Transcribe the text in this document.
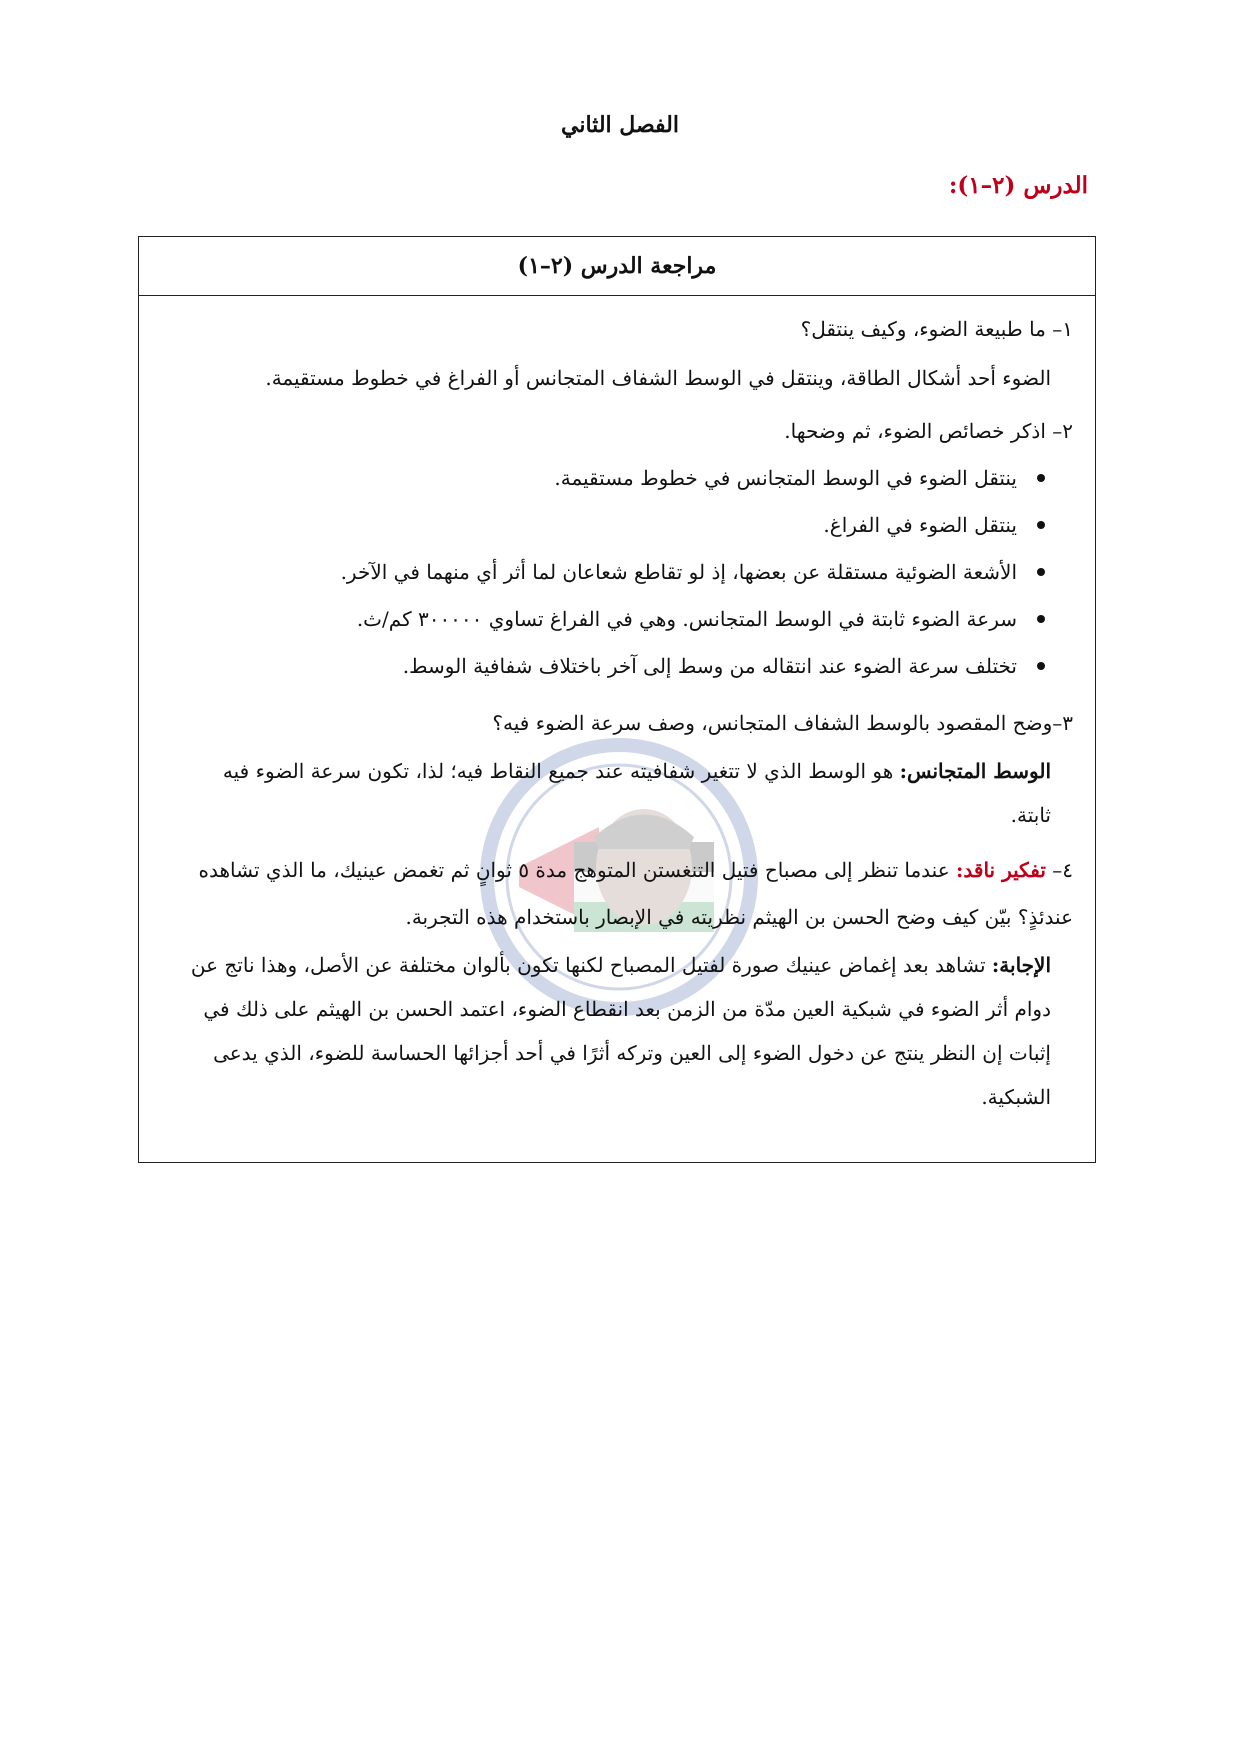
الفصل الثاني
الدرس (٢–١):
مراجعة الدرس (٢–١)

١– ما طبيعة الضوء، وكيف ينتقل؟

الضوء أحد أشكال الطاقة، وينتقل في الوسط الشفاف المتجانس أو الفراغ في خطوط مستقيمة.

٢– اذكر خصائص الضوء، ثم وضحها.

ينتقل الضوء في الوسط المتجانس في خطوط مستقيمة.
ينتقل الضوء في الفراغ.
الأشعة الضوئية مستقلة عن بعضها، إذ لو تقاطع شعاعان لما أثر أي منهما في الآخر.
سرعة الضوء ثابتة في الوسط المتجانس. وهي في الفراغ تساوي ٣٠٠٠٠٠ كم/ث.
تختلف سرعة الضوء عند انتقاله من وسط إلى آخر باختلاف شفافية الوسط.

٣–وضح المقصود بالوسط الشفاف المتجانس، وصف سرعة الضوء فيه؟

الوسط المتجانس: هو الوسط الذي لا تتغير شفافيته عند جميع النقاط فيه؛ لذا، تكون سرعة الضوء فيه ثابتة.

٤– تفكير ناقد: عندما تنظر إلى مصباح فتيل التنغستن المتوهج مدة ٥ ثوانٍ ثم تغمض عينيك، ما الذي تشاهده عندئذٍ؟ بيّن كيف وضح الحسن بن الهيثم نظريته في الإبصار باستخدام هذه التجربة.

الإجابة: تشاهد بعد إغماض عينيك صورة لفتيل المصباح لكنها تكون بألوان مختلفة عن الأصل، وهذا ناتج عن دوام أثر الضوء في شبكية العين مدّة من الزمن بعد انقطاع الضوء، اعتمد الحسن بن الهيثم على ذلك في إثبات إن النظر ينتج عن دخول الضوء إلى العين وتركه أثرًا في أحد أجزائها الحساسة للضوء، الذي يدعى الشبكية.
